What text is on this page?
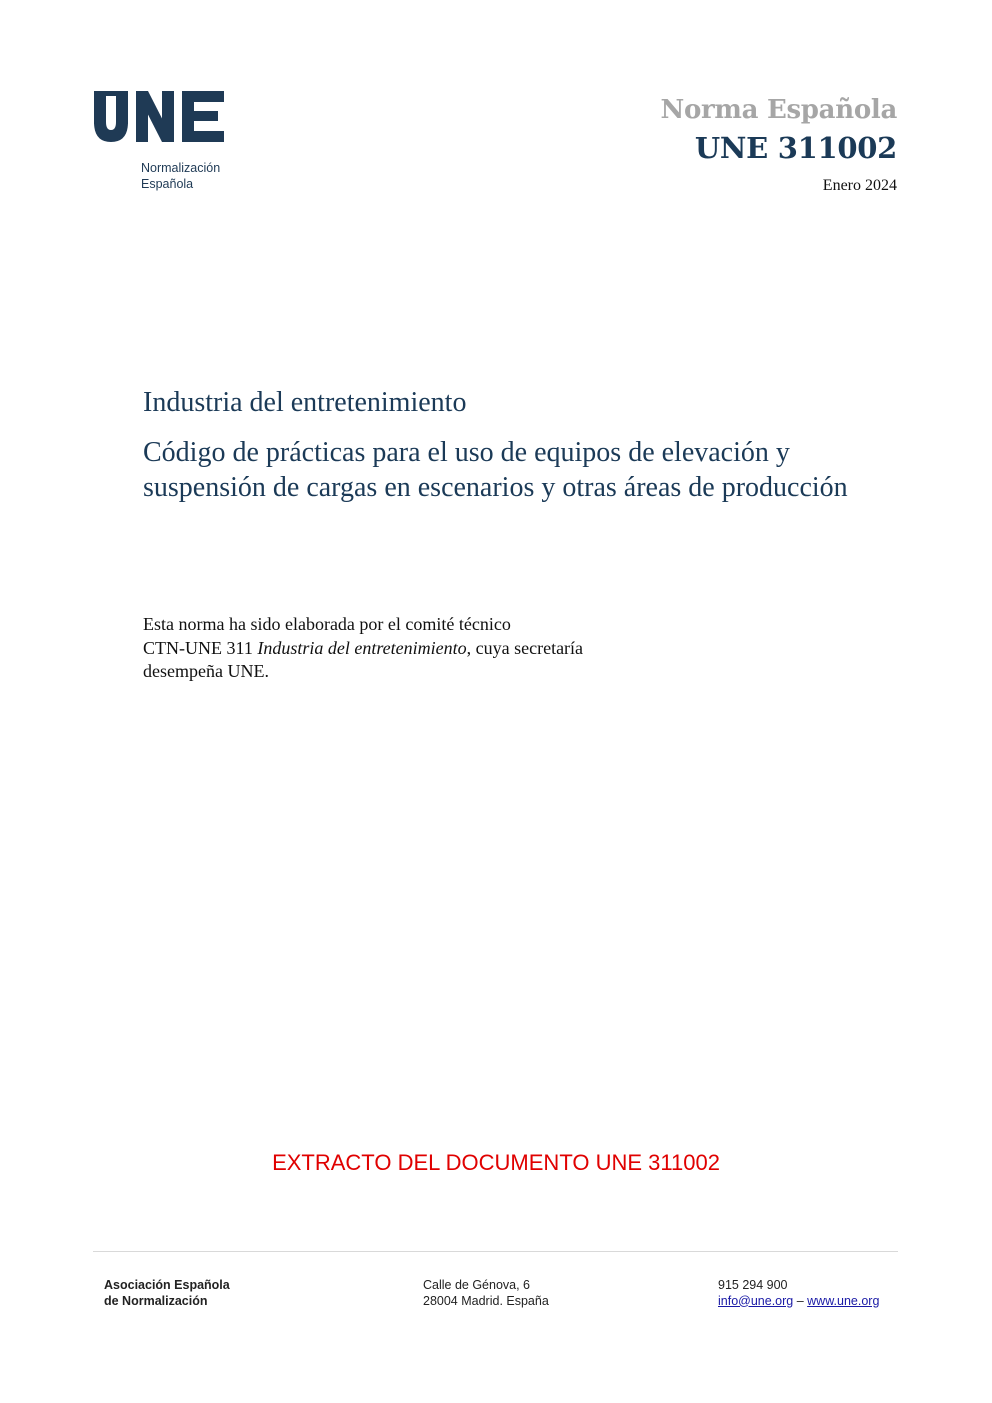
Normalización
Española
Norma Española
UNE 311002
Enero 2024
Industria del entretenimiento
Código de prácticas para el uso de equipos de elevación y suspensión de cargas en escenarios y otras áreas de producción
Esta norma ha sido elaborada por el comité técnico
CTN-UNE 311 Industria del entretenimiento, cuya secretaría
desempeña UNE.
EXTRACTO DEL DOCUMENTO UNE 311002
Asociación Española
de Normalización
Calle de Génova, 6
28004 Madrid. España
915 294 900
info@une.org – www.une.org
